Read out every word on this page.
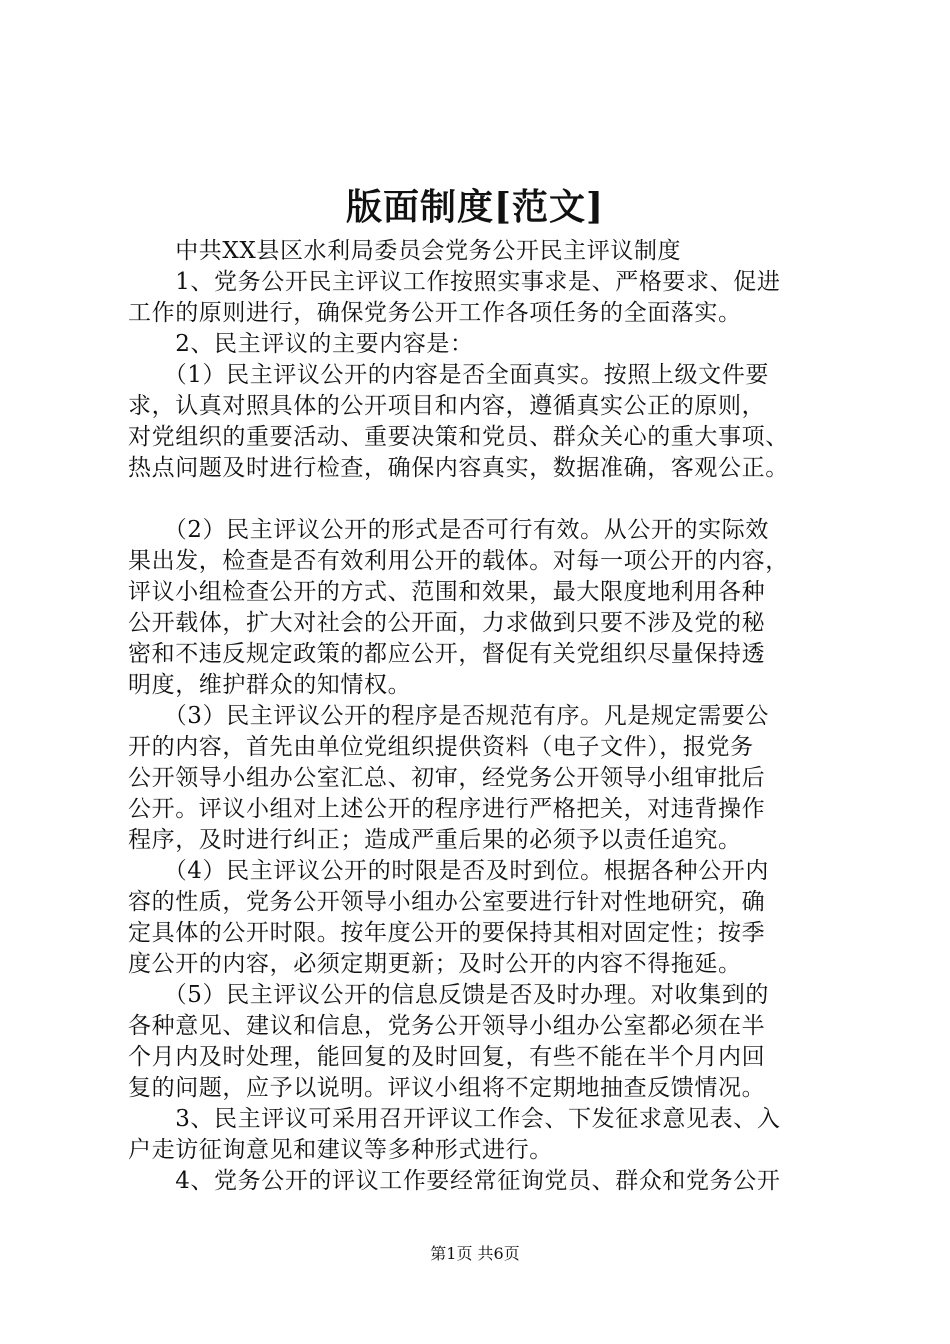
版面制度[范文]
　　中共XX县区水利局委员会党务公开民主评议制度
　　1、党务公开民主评议工作按照实事求是、严格要求、促进
工作的原则进行，确保党务公开工作各项任务的全面落实。
　　2、民主评议的主要内容是：
　　（1）民主评议公开的内容是否全面真实。按照上级文件要
求，认真对照具体的公开项目和内容，遵循真实公正的原则，
对党组织的重要活动、重要决策和党员、群众关心的重大事项、
热点问题及时进行检查，确保内容真实，数据准确，客观公正。
　　（2）民主评议公开的形式是否可行有效。从公开的实际效
果出发，检查是否有效利用公开的载体。对每一项公开的内容，
评议小组检查公开的方式、范围和效果，最大限度地利用各种
公开载体，扩大对社会的公开面，力求做到只要不涉及党的秘
密和不违反规定政策的都应公开，督促有关党组织尽量保持透
明度，维护群众的知情权。
　　（3）民主评议公开的程序是否规范有序。凡是规定需要公
开的内容，首先由单位党组织提供资料（电子文件），报党务
公开领导小组办公室汇总、初审，经党务公开领导小组审批后
公开。评议小组对上述公开的程序进行严格把关，对违背操作
程序，及时进行纠正；造成严重后果的必须予以责任追究。
　　（4）民主评议公开的时限是否及时到位。根据各种公开内
容的性质，党务公开领导小组办公室要进行针对性地研究，确
定具体的公开时限。按年度公开的要保持其相对固定性；按季
度公开的内容，必须定期更新；及时公开的内容不得拖延。
　　（5）民主评议公开的信息反馈是否及时办理。对收集到的
各种意见、建议和信息，党务公开领导小组办公室都必须在半
个月内及时处理，能回复的及时回复，有些不能在半个月内回
复的问题，应予以说明。评议小组将不定期地抽查反馈情况。
　　3、民主评议可采用召开评议工作会、下发征求意见表、入
户走访征询意见和建议等多种形式进行。
　　4、党务公开的评议工作要经常征询党员、群众和党务公开
第1页 共6页
